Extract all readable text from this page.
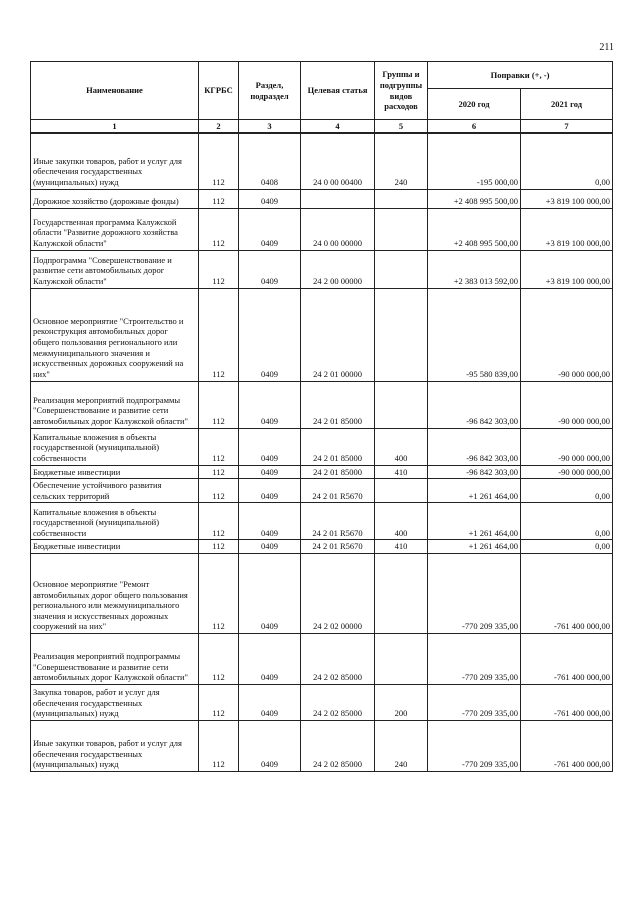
211
Наименование	КГРБС	Раздел, подраздел	Целевая статья	Группы и подгруппы видов расходов	Поправки (+, -)	
					2020 год	2021 год
1	2	3	4	5	6	7
Иные закупки товаров, работ и услуг для обеспечения государственных (муниципальных) нужд	112	0408	24 0 00 00400	240	-195 000,00	0,00
Дорожное хозяйство (дорожные фонды)	112	0409			+2 408 995 500,00	+3 819 100 000,00
Государственная программа Калужской области "Развитие дорожного хозяйства Калужской области"	112	0409	24 0 00 00000		+2 408 995 500,00	+3 819 100 000,00
Подпрограмма "Совершенствование и развитие сети автомобильных дорог Калужской области"	112	0409	24 2 00 00000		+2 383 013 592,00	+3 819 100 000,00
Основное мероприятие "Строительство и реконструкция автомобильных дорог общего пользования регионального или межмуниципального значения и искусственных дорожных сооружений на них"	112	0409	24 2 01 00000		-95 580 839,00	-90 000 000,00
Реализация мероприятий подпрограммы "Совершенствование и развитие сети автомобильных дорог Калужской области"	112	0409	24 2 01 85000		-96 842 303,00	-90 000 000,00
Капитальные вложения в объекты государственной (муниципальной) собственности	112	0409	24 2 01 85000	400	-96 842 303,00	-90 000 000,00
Бюджетные инвестиции	112	0409	24 2 01 85000	410	-96 842 303,00	-90 000 000,00
Обеспечение устойчивого развития сельских территорий	112	0409	24 2 01 R5670		+1 261 464,00	0,00
Капитальные вложения в объекты государственной (муниципальной) собственности	112	0409	24 2 01 R5670	400	+1 261 464,00	0,00
Бюджетные инвестиции	112	0409	24 2 01 R5670	410	+1 261 464,00	0,00
Основное мероприятие "Ремонт автомобильных дорог общего пользования регионального или межмуниципального значения и искусственных дорожных сооружений на них"	112	0409	24 2 02 00000		-770 209 335,00	-761 400 000,00
Реализация мероприятий подпрограммы "Совершенствование и развитие сети автомобильных дорог Калужской области"	112	0409	24 2 02 85000		-770 209 335,00	-761 400 000,00
Закупка товаров, работ и услуг для обеспечения государственных (муниципальных) нужд	112	0409	24 2 02 85000	200	-770 209 335,00	-761 400 000,00
Иные закупки товаров, работ и услуг для обеспечения государственных (муниципальных) нужд	112	0409	24 2 02 85000	240	-770 209 335,00	-761 400 000,00
